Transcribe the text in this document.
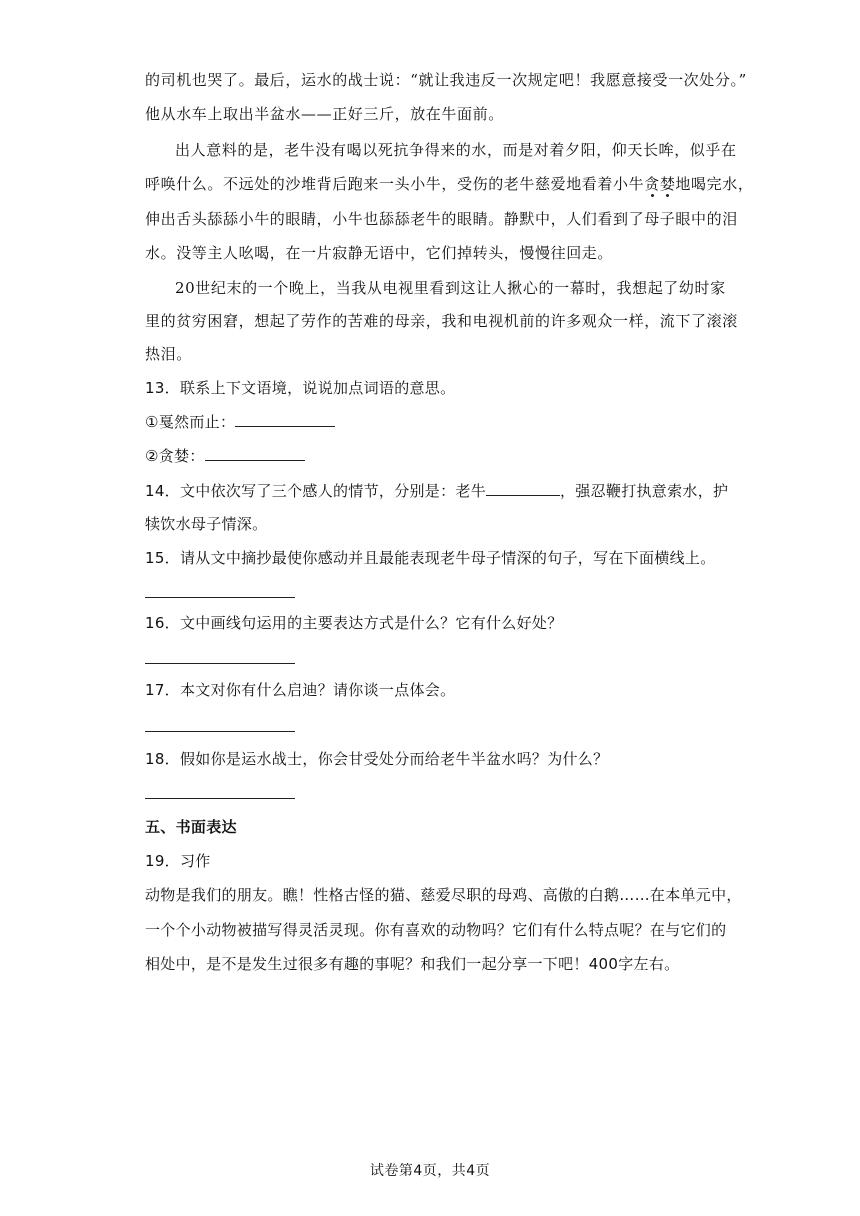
的司机也哭了。最后，运水的战士说：“就让我违反一次规定吧！我愿意接受一次处分。”
他从水车上取出半盆水——正好三斤，放在牛面前。
出人意料的是，老牛没有喝以死抗争得来的水，而是对着夕阳，仰天长哞，似乎在
呼唤什么。不远处的沙堆背后跑来一头小牛，受伤的老牛慈爱地看着小牛贪婪地喝完水，
伸出舌头舔舔小牛的眼睛，小牛也舔舔老牛的眼睛。静默中，人们看到了母子眼中的泪
水。没等主人吆喝，在一片寂静无语中，它们掉转头，慢慢往回走。
20世纪末的一个晚上，当我从电视里看到这让人揪心的一幕时，我想起了幼时家
里的贫穷困窘，想起了劳作的苦难的母亲，我和电视机前的许多观众一样，流下了滚滚
热泪。
13．联系上下文语境，说说加点词语的意思。
①戛然而止：
②贪婪：
14．文中依次写了三个感人的情节，分别是：老牛	，强忍鞭打执意索水，护
犊饮水母子情深。
15．请从文中摘抄最使你感动并且最能表现老牛母子情深的句子，写在下面横线上。
16．文中画线句运用的主要表达方式是什么？它有什么好处？
17．本文对你有什么启迪？请你谈一点体会。
18．假如你是运水战士，你会甘受处分而给老牛半盆水吗？为什么？
五、书面表达
19．习作
动物是我们的朋友。瞧！性格古怪的猫、慈爱尽职的母鸡、高傲的白鹅……在本单元中，
一个个小动物被描写得灵活灵现。你有喜欢的动物吗？它们有什么特点呢？在与它们的
相处中，是不是发生过很多有趣的事呢？和我们一起分享一下吧！400字左右。
试卷第4页，共4页
